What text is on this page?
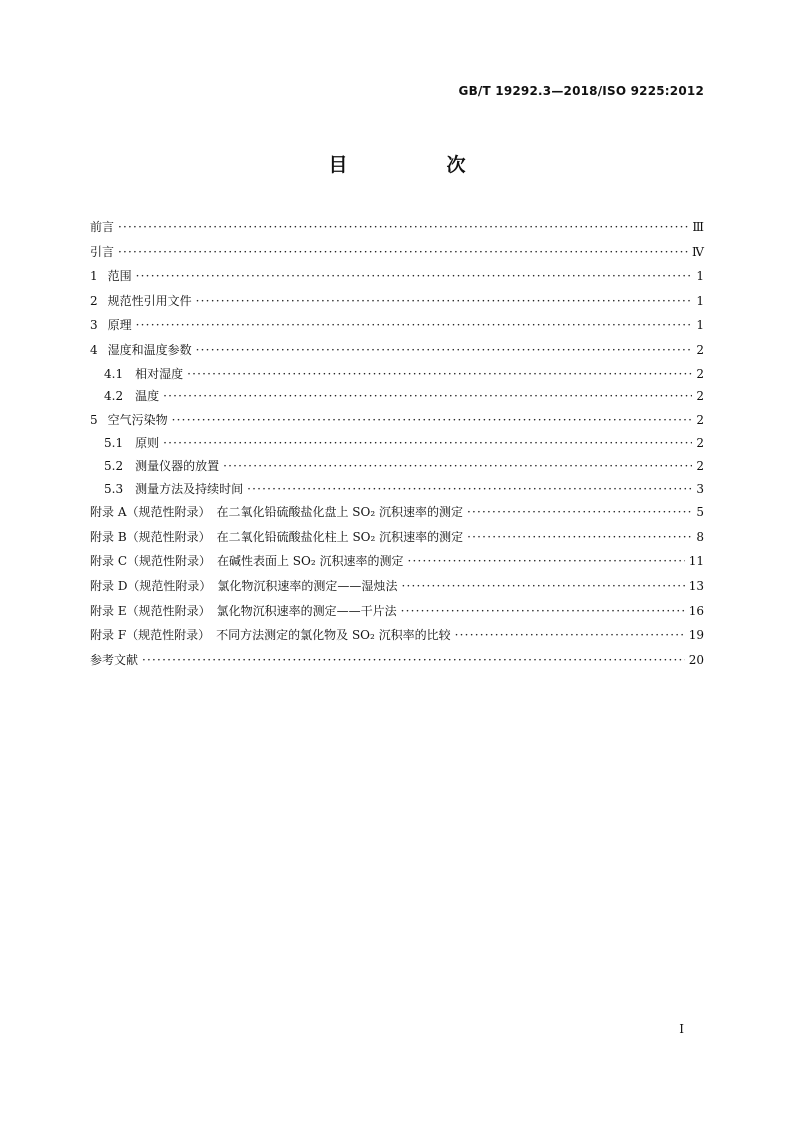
GB/T 19292.3—2018/ISO 9225:2012
目　次
前言 ·····	Ⅲ
引言 ·····	Ⅳ
1 范围 ·····	1
2 规范性引用文件 ·····	1
3 原理 ·····	1
4 湿度和温度参数 ·····	2
4.1 相对湿度 ·····	2
4.2 温度 ·····	2
5 空气污染物 ·····	2
5.1 原则 ·····	2
5.2 测量仪器的放置 ·····	2
5.3 测量方法及持续时间 ·····	3
附录 A（规范性附录）　在二氧化铅硫酸盐化盘上 SO₂ 沉积速率的测定 ·····	5
附录 B（规范性附录）　在二氧化铅硫酸盐化柱上 SO₂ 沉积速率的测定 ·····	8
附录 C（规范性附录）　在碱性表面上 SO₂ 沉积速率的测定 ·····	11
附录 D（规范性附录）　氯化物沉积速率的测定——湿烛法 ·····	13
附录 E（规范性附录）　氯化物沉积速率的测定——干片法 ·····	16
附录 F（规范性附录）　不同方法测定的氯化物及 SO₂ 沉积率的比较 ·····	19
参考文献 ·····	20
I
